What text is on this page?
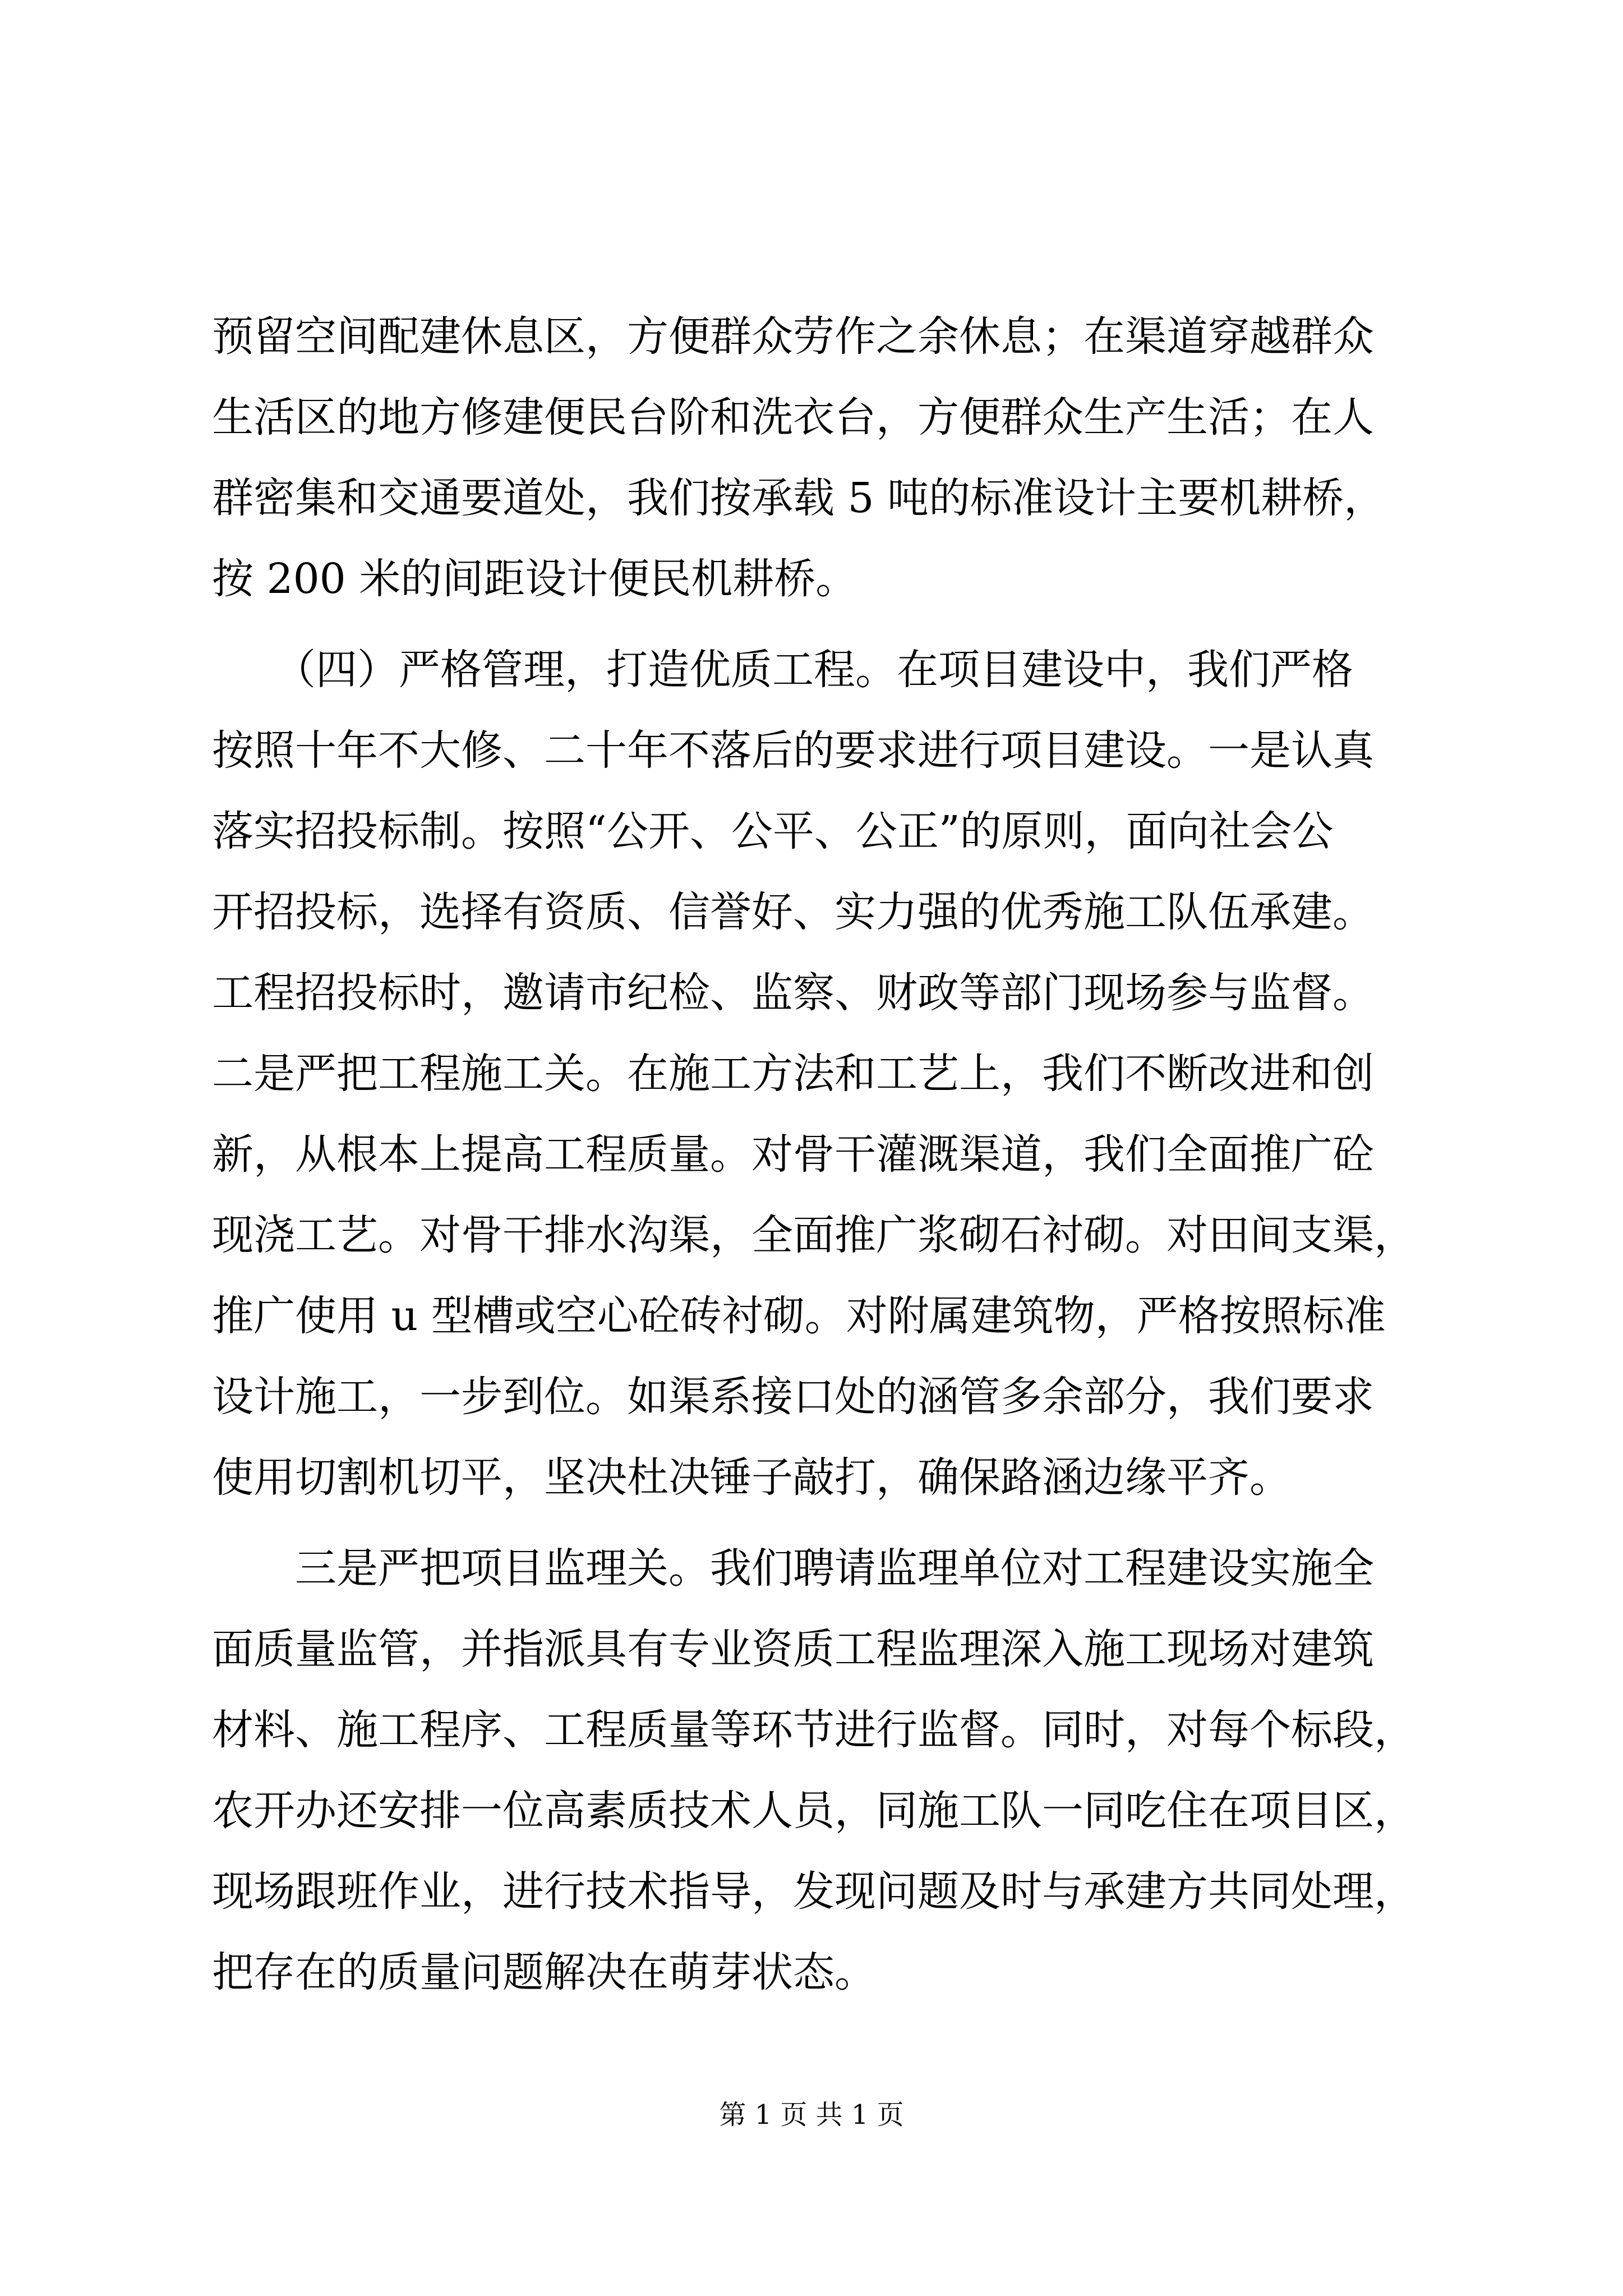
预留空间配建休息区，方便群众劳作之余休息；在渠道穿越群众
生活区的地方修建便民台阶和洗衣台，方便群众生产生活；在人
群密集和交通要道处，我们按承载 5 吨的标准设计主要机耕桥，
按 200 米的间距设计便民机耕桥。
　　（四）严格管理，打造优质工程。在项目建设中，我们严格
按照十年不大修、二十年不落后的要求进行项目建设。一是认真
落实招投标制。按照“公开、公平、公正”的原则，面向社会公
开招投标，选择有资质、信誉好、实力强的优秀施工队伍承建。
工程招投标时，邀请市纪检、监察、财政等部门现场参与监督。
二是严把工程施工关。在施工方法和工艺上，我们不断改进和创
新，从根本上提高工程质量。对骨干灌溉渠道，我们全面推广砼
现浇工艺。对骨干排水沟渠，全面推广浆砌石衬砌。对田间支渠，
推广使用 u 型槽或空心砼砖衬砌。对附属建筑物，严格按照标准
设计施工，一步到位。如渠系接口处的涵管多余部分，我们要求
使用切割机切平，坚决杜决锤子敲打，确保路涵边缘平齐。
　　三是严把项目监理关。我们聘请监理单位对工程建设实施全
面质量监管，并指派具有专业资质工程监理深入施工现场对建筑
材料、施工程序、工程质量等环节进行监督。同时，对每个标段，
农开办还安排一位高素质技术人员，同施工队一同吃住在项目区，
现场跟班作业，进行技术指导，发现问题及时与承建方共同处理，
把存在的质量问题解决在萌芽状态。
第 1 页 共 1 页
